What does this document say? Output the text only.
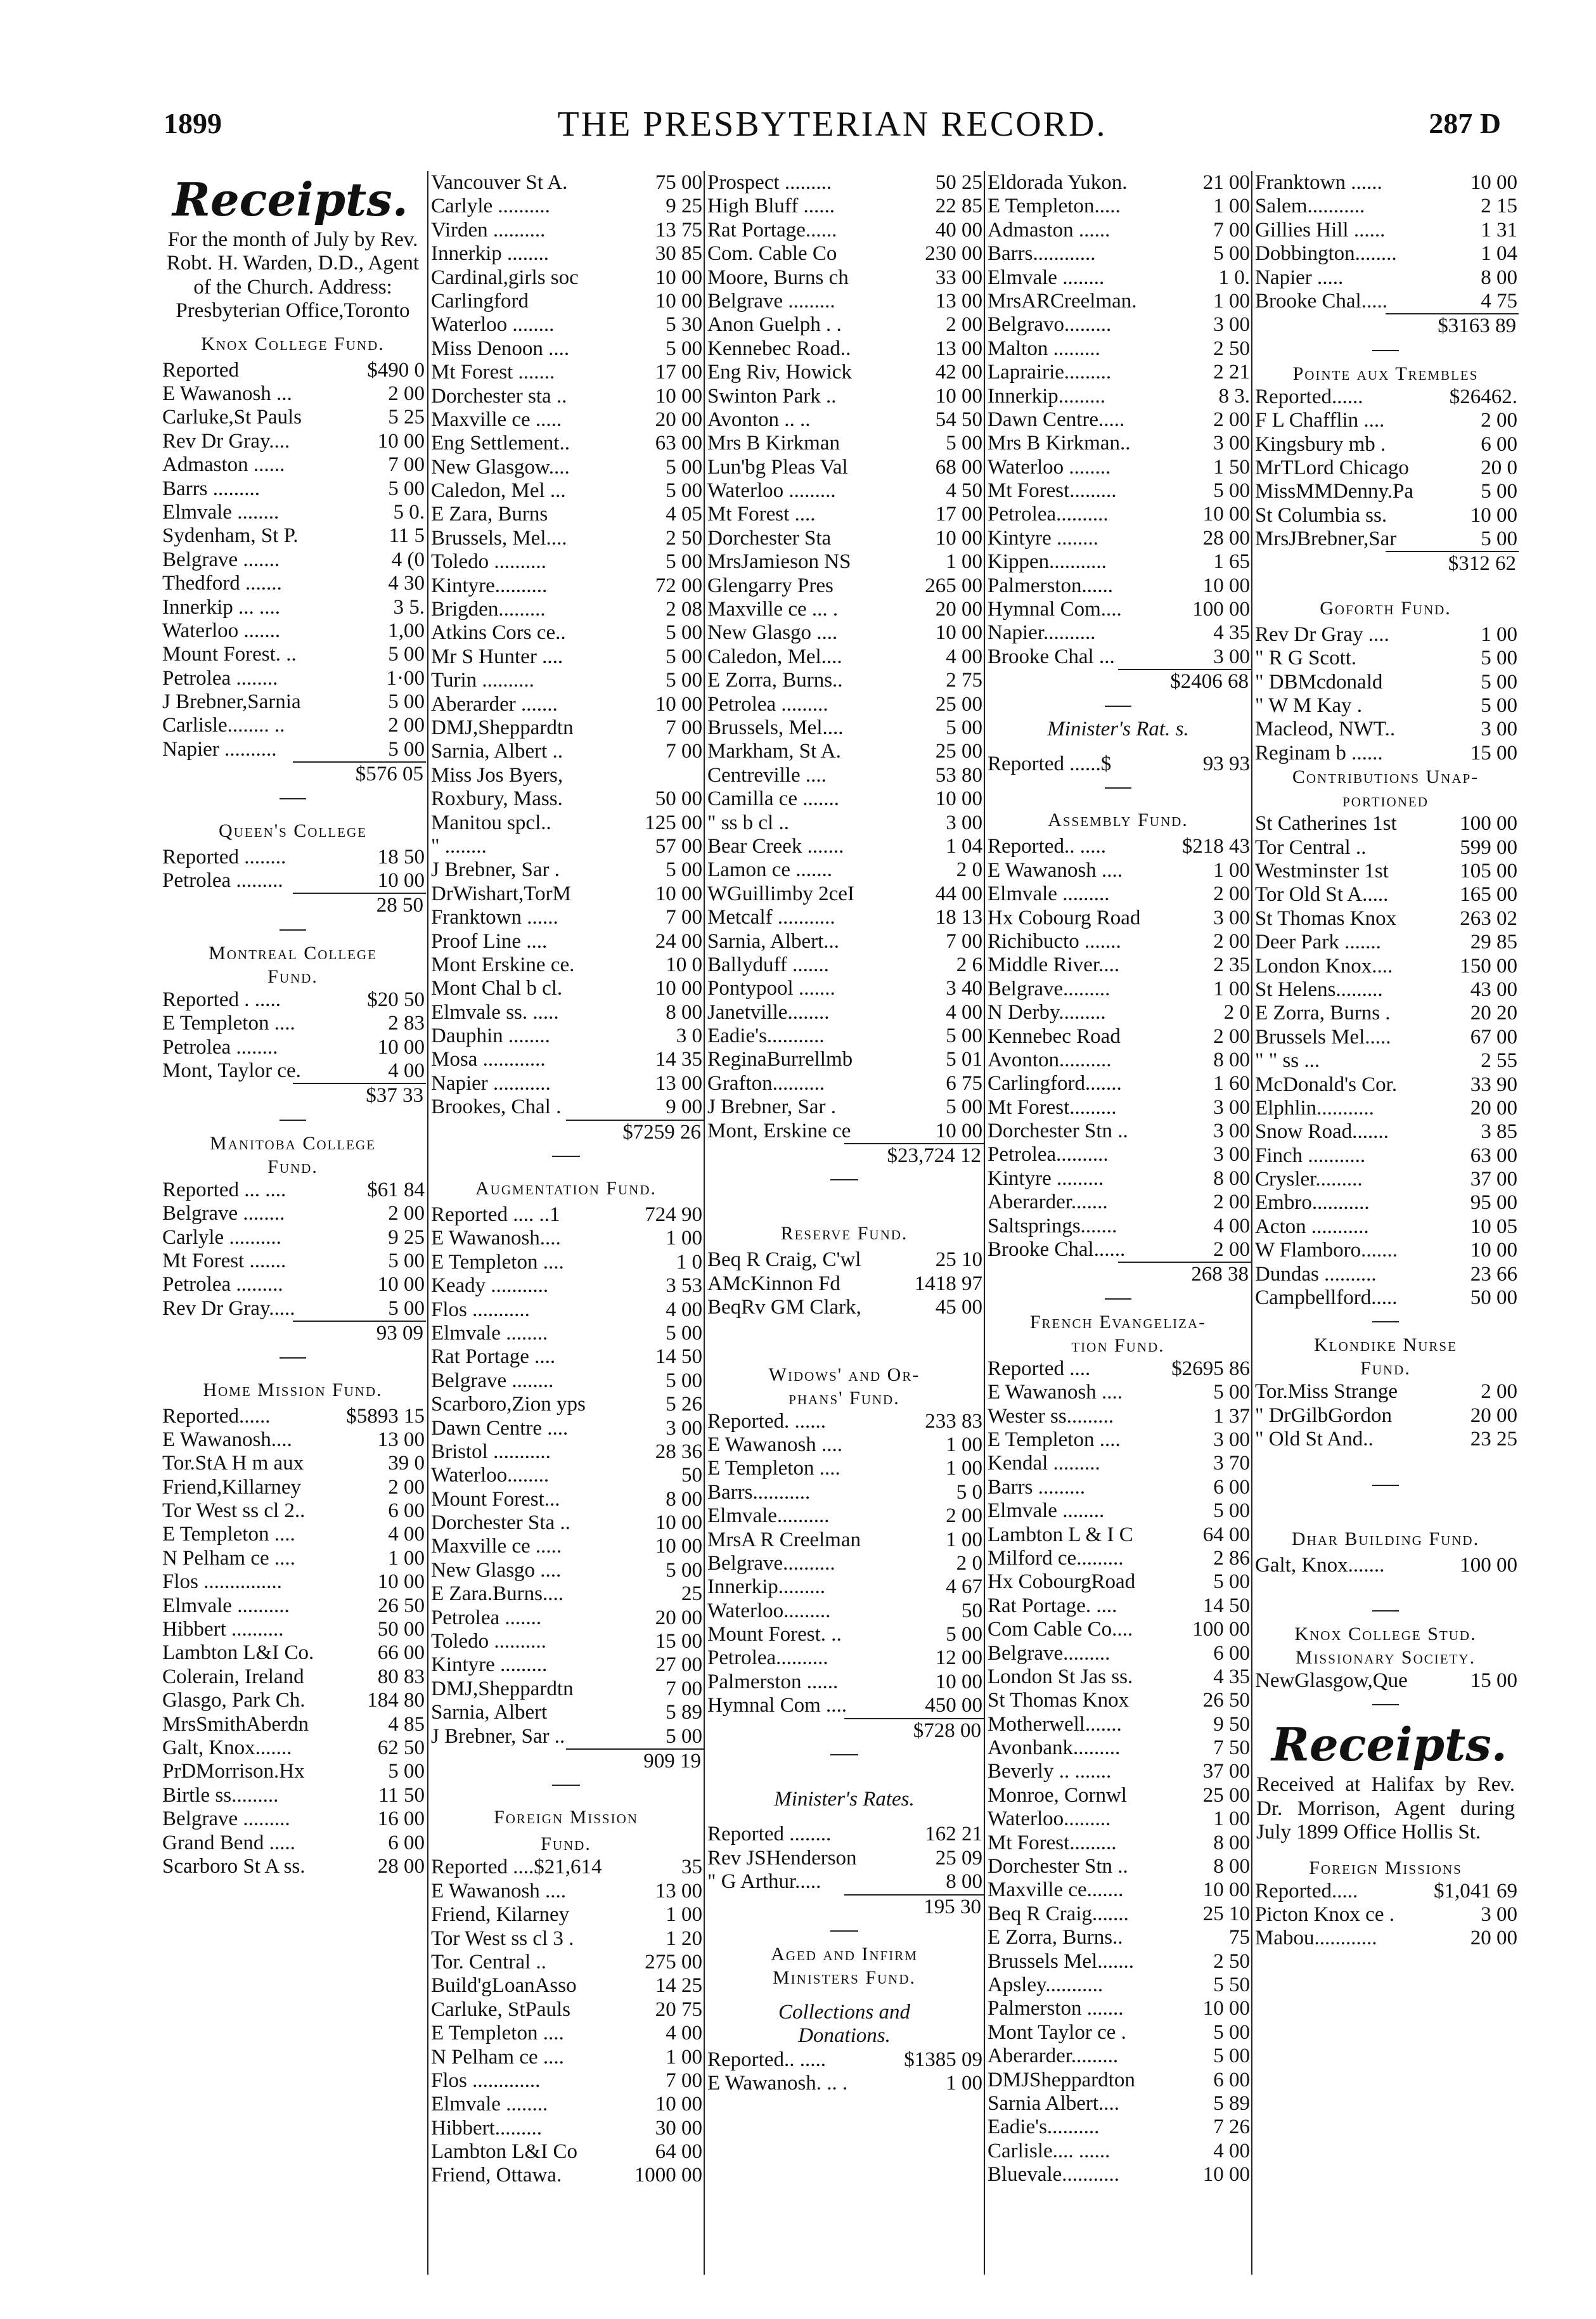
1899	THE PRESBYTERIAN RECORD.	287 D
Receipts.
For the month of July by Rev. Robt. H. Warden, D.D., Agent of the Church. Address: Presbyterian Office,Toronto
Knox College Fund.
Reported	$490 0
E Wawanosh ...	2 00
Carluke,St Pauls	5 25
Rev Dr Gray....	10 00
Admaston ......	7 00
Barrs .........	5 00
Elmvale ........	5 0.
Sydenham, St P.	11 5
Belgrave .......	4 (0
Thedford .......	4 30
Innerkip ... ....	3 5.
Waterloo .......	1,00
Mount Forest. ..	5 00
Petrolea ........	1·00
J Brebner,Sarnia	5 00
Carlisle........ ..	2 00
Napier ..........	5 00
$576 05
Queen's College
Reported ........	18 50
Petrolea .........	10 00
28 50
Montreal College
Fund.
Reported . .....	$20 50
E Templeton ....	2 83
Petrolea ........	10 00
Mont, Taylor ce.	4 00
$37 33
Manitoba College
Fund.
Reported ... ....	$61 84
Belgrave ........	2 00
Carlyle ..........	9 25
Mt Forest .......	5 00
Petrolea .........	10 00
Rev Dr Gray.....	5 00
93 09
Home Mission Fund.
Reported......	$5893 15
E Wawanosh....	13 00
Tor.StA H m aux	39 0
Friend,Killarney	2 00
Tor West ss cl 2..	6 00
E Templeton ....	4 00
N Pelham ce ....	1 00
Flos ...............	10 00
Elmvale ..........	26 50
Hibbert ..........	50 00
Lambton L&I Co.	66 00
Colerain, Ireland	80 83
Glasgo, Park Ch.	184 80
MrsSmithAberdn	4 85
Galt, Knox.......	62 50
PrDMorrison.Hx	5 00
Birtle ss.........	11 50
Belgrave .........	16 00
Grand Bend .....	6 00
Scarboro St A ss.	28 00
Vancouver St A.	75 00
Carlyle ..........	9 25
Virden ..........	13 75
Innerkip ........	30 85
Cardinal,girls soc	10 00
Carlingford	10 00
Waterloo ........	5 30
Miss Denoon ....	5 00
Mt Forest .......	17 00
Dorchester sta ..	10 00
Maxville ce .....	20 00
Eng Settlement..	63 00
New Glasgow....	5 00
Caledon, Mel ...	5 00
E Zara, Burns	4 05
Brussels, Mel....	2 50
Toledo ..........	5 00
Kintyre..........	72 00
Brigden.........	2 08
Atkins Cors ce..	5 00
Mr S Hunter ....	5 00
Turin ..........	5 00
Aberarder .......	10 00
DMJ,Sheppardtn	7 00
Sarnia, Albert ..	7 00
Miss Jos Byers,
Roxbury, Mass.	50 00
Manitou spcl..	125 00
" ........	57 00
J Brebner, Sar .	5 00
DrWishart,TorM	10 00
Franktown ......	7 00
Proof Line ....	24 00
Mont Erskine ce.	10 0
Mont Chal b cl.	10 00
Elmvale ss. .....	8 00
Dauphin ........	3 0
Mosa ............	14 35
Napier ...........	13 00
Brookes, Chal .	9 00
$7259 26
Augmentation Fund.
Reported .... ..1	724 90
E Wawanosh....	1 00
E Templeton ....	1 0
Keady ...........	3 53
Flos ...........	4 00
Elmvale ........	5 00
Rat Portage ....	14 50
Belgrave ........	5 00
Scarboro,Zion yps	5 26
Dawn Centre ....	3 00
Bristol ...........	28 36
Waterloo........	50
Mount Forest...	8 00
Dorchester Sta ..	10 00
Maxville ce .....	10 00
New Glasgo ....	5 00
E Zara.Burns....	25
Petrolea .......	20 00
Toledo ..........	15 00
Kintyre .........	27 00
DMJ,Sheppardtn	7 00
Sarnia, Albert	5 89
J Brebner, Sar ..	5 00
909 19
Foreign Mission
Fund.
Reported ....$21,614	35
E Wawanosh ....	13 00
Friend, Kilarney	1 00
Tor West ss cl 3 .	1 20
Tor. Central ..	275 00
Build'gLoanAsso	14 25
Carluke, StPauls	20 75
E Templeton ....	4 00
N Pelham ce ....	1 00
Flos .............	7 00
Elmvale ........	10 00
Hibbert.........	30 00
Lambton L&I Co	64 00
Friend, Ottawa.	1000 00
Prospect .........	50 25
High Bluff ......	22 85
Rat Portage......	40 00
Com. Cable Co	230 00
Moore, Burns ch	33 00
Belgrave .........	13 00
Anon Guelph . .	2 00
Kennebec Road..	13 00
Eng Riv, Howick	42 00
Swinton Park ..	10 00
Avonton .. ..	54 50
Mrs B Kirkman	5 00
Lun'bg Pleas Val	68 00
Waterloo .........	4 50
Mt Forest ....	17 00
Dorchester Sta	10 00
MrsJamieson NS	1 00
Glengarry Pres	265 00
Maxville ce ... .	20 00
New Glasgo ....	10 00
Caledon, Mel....	4 00
E Zorra, Burns..	2 75
Petrolea .........	25 00
Brussels, Mel....	5 00
Markham, St A.	25 00
Centreville ....	53 80
Camilla ce .......	10 00
" ss b cl ..	3 00
Bear Creek .......	1 04
Lamon ce .......	2 0
WGuillimby 2ceI	44 00
Metcalf ...........	18 13
Sarnia, Albert...	7 00
Ballyduff .......	2 6
Pontypool .......	3 40
Janetville........	4 00
Eadie's...........	5 00
ReginaBurrellmb	5 01
Grafton..........	6 75
J Brebner, Sar .	5 00
Mont, Erskine ce	10 00
$23,724 12
Reserve Fund.
Beq R Craig, C'wl	25 10
AMcKinnon Fd	1418 97
BeqRv GM Clark,	45 00
Widows' and Or-
phans' Fund.
Reported. ......	233 83
E Wawanosh ....	1 00
E Templeton ....	1 00
Barrs...........	5 0
Elmvale..........	2 00
MrsA R Creelman	1 00
Belgrave..........	2 0
Innerkip.........	4 67
Waterloo.........	50
Mount Forest. ..	5 00
Petrolea..........	12 00
Palmerston ......	10 00
Hymnal Com ....	450 00
$728 00
Minister's Rates.
Reported ........	162 21
Rev JSHenderson	25 09
" G Arthur.....	8 00
195 30
Aged and Infirm
Ministers Fund.
Collections and
Donations.
Reported.. .....	$1385 09
E Wawanosh. .. .	1 00
Eldorada Yukon.	21 00
E Templeton.....	1 00
Admaston ......	7 00
Barrs............	5 00
Elmvale ........	1 0.
MrsARCreelman.	1 00
Belgravo.........	3 00
Malton .........	2 50
Laprairie.........	2 21
Innerkip.........	8 3.
Dawn Centre.....	2 00
Mrs B Kirkman..	3 00
Waterloo ........	1 50
Mt Forest.........	5 00
Petrolea..........	10 00
Kintyre ........	28 00
Kippen...........	1 65
Palmerston......	10 00
Hymnal Com....	100 00
Napier..........	4 35
Brooke Chal ...	3 00
$2406 68
Minister's Rat. s.
Reported ......$	93 93
Assembly Fund.
Reported.. .....	$218 43
E Wawanosh ....	1 00
Elmvale .........	2 00
Hx Cobourg Road	3 00
Richibucto .......	2 00
Middle River....	2 35
Belgrave.........	1 00
N Derby.........	2 0
Kennebec Road	2 00
Avonton..........	8 00
Carlingford.......	1 60
Mt Forest.........	3 00
Dorchester Stn ..	3 00
Petrolea..........	3 00
Kintyre .........	8 00
Aberarder.......	2 00
Saltsprings.......	4 00
Brooke Chal......	2 00
268 38
French Evangeliza-
tion Fund.
Reported ....	$2695 86
E Wawanosh ....	5 00
Wester ss.........	1 37
E Templeton ....	3 00
Kendal .........	3 70
Barrs .........	6 00
Elmvale ........	5 00
Lambton L & I C	64 00
Milford ce.........	2 86
Hx CobourgRoad	5 00
Rat Portage. ....	14 50
Com Cable Co....	100 00
Belgrave.........	6 00
London St Jas ss.	4 35
St Thomas Knox	26 50
Motherwell.......	9 50
Avonbank.........	7 50
Beverly .. .......	37 00
Monroe, Cornwl	25 00
Waterloo.........	1 00
Mt Forest.........	8 00
Dorchester Stn ..	8 00
Maxville ce.......	10 00
Beq R Craig.......	25 10
E Zorra, Burns..	75
Brussels Mel.......	2 50
Apsley...........	5 50
Palmerston .......	10 00
Mont Taylor ce .	5 00
Aberarder.........	5 00
DMJSheppardton	6 00
Sarnia Albert....	5 89
Eadie's..........	7 26
Carlisle.... ......	4 00
Bluevale...........	10 00
Franktown ......	10 00
Salem...........	2 15
Gillies Hill ......	1 31
Dobbington........	1 04
Napier .....	8 00
Brooke Chal.....	4 75
$3163 89
Pointe aux Trembles
Reported......	$26462.
F L Chafflin ....	2 00
Kingsbury mb .	6 00
MrTLord Chicago	20 0
MissMMDenny.Pa	5 00
St Columbia ss.	10 00
MrsJBrebner,Sar	5 00
$312 62
Goforth Fund.
Rev Dr Gray ....	1 00
" R G Scott.	5 00
" DBMcdonald	5 00
" W M Kay .	5 00
Macleod, NWT..	3 00
Reginam b ......	15 00
Contributions Unap-
portioned
St Catherines 1st	100 00
Tor Central ..	599 00
Westminster 1st	105 00
Tor Old St A.....	165 00
St Thomas Knox	263 02
Deer Park .......	29 85
London Knox....	150 00
St Helens.........	43 00
E Zorra, Burns .	20 20
Brussels Mel.....	67 00
" " ss ...	2 55
McDonald's Cor.	33 90
Elphlin...........	20 00
Snow Road.......	3 85
Finch ...........	63 00
Crysler.........	37 00
Embro...........	95 00
Acton ...........	10 05
W Flamboro.......	10 00
Dundas ..........	23 66
Campbellford.....	50 00
Klondike Nurse
Fund.
Tor.Miss Strange	2 00
" DrGilbGordon	20 00
" Old St And..	23 25
Dhar Building Fund.
Galt, Knox.......	100 00
Knox College Stud.
Missionary Society.
NewGlasgow,Que	15 00
Receipts.
Received at Halifax by Rev. Dr. Morrison, Agent during July 1899 Office Hollis St.
Foreign Missions
Reported.....	$1,041 69
Picton Knox ce .	3 00
Mabou............	20 00
